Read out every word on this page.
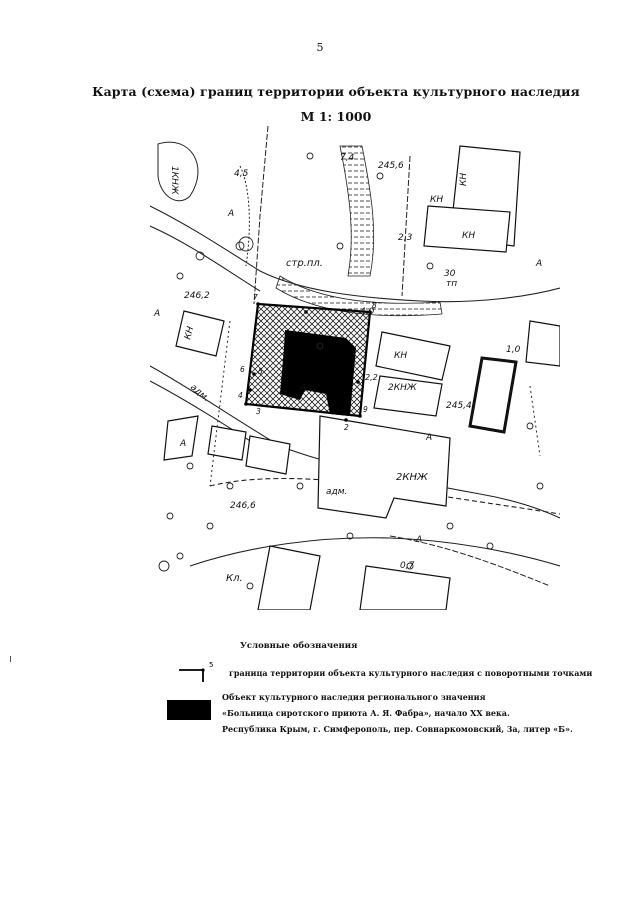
5
Карта (схема) границ территории объекта культурного наследия
М 1: 1000
7
8
9
4
5
6
3
2
1
1КНЖ	КН
КН
КН
КН
КН
2КНЖ
2КНЖ
стр.пл.
адм.
адм.
Кл.
245,6
246,2
246,6
245,4
7,4
4,5
2,3
4,0
1,0
0,7
2,2
30
тп
А
А
А
А
А
А
А
Условные обозначения
5
граница территории объекта культурного наследия с поворотными точками
Объект культурного наследия регионального значения
«Больница сиротского приюта А. Я. Фабра», начало XX века.
Республика Крым, г. Симферополь, пер. Совнаркомовский, 3а, литер «Б».
